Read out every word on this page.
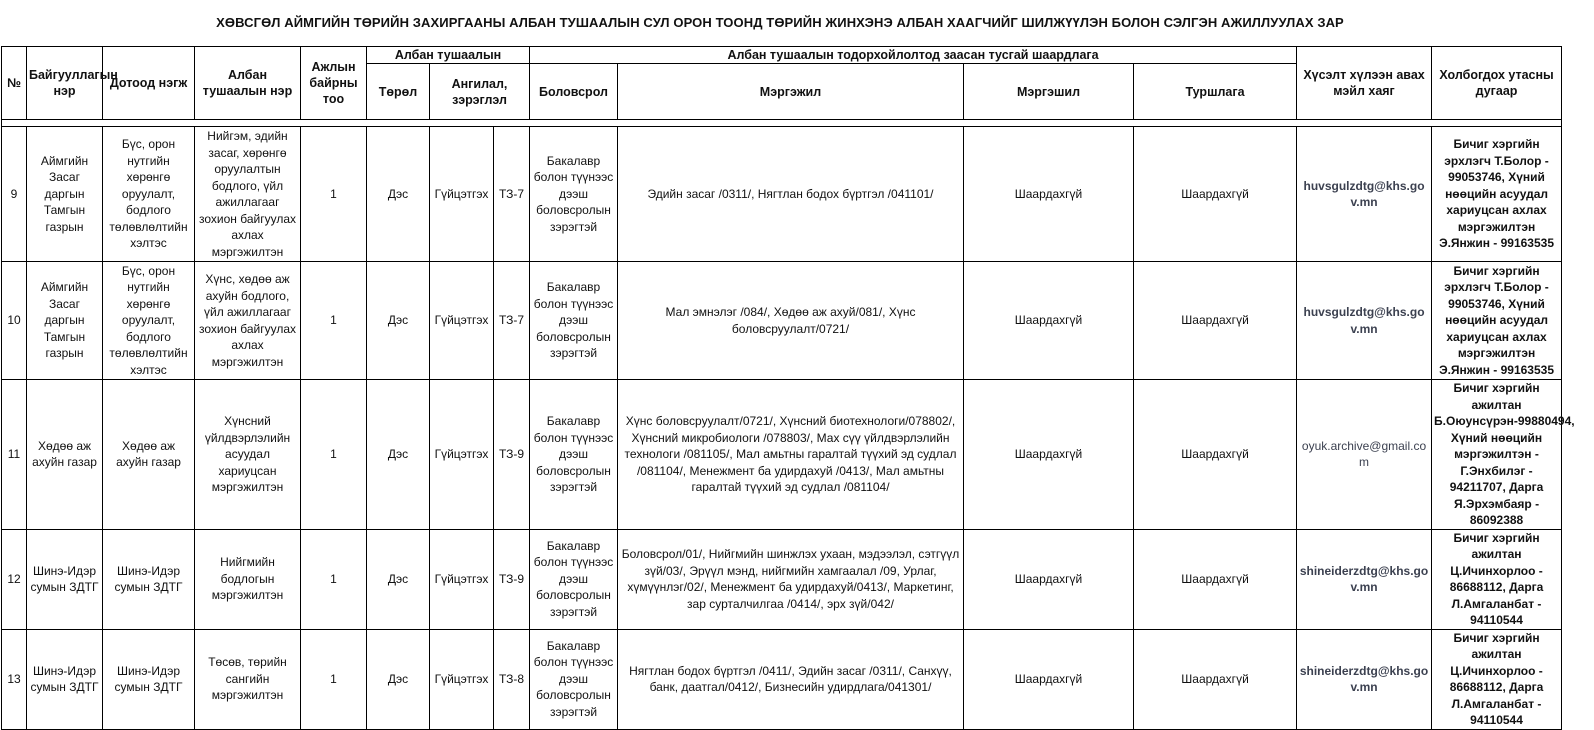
ХӨВСГӨЛ АЙМГИЙН ТӨРИЙН ЗАХИРГААНЫ АЛБАН ТУШААЛЫН СУЛ ОРОН ТООНД ТӨРИЙН ЖИНХЭНЭ АЛБАН ХААГЧИЙГ ШИЛЖҮҮЛЭН БОЛОН СЭЛГЭН АЖИЛЛУУЛАХ ЗАР
№	Байгууллагын нэр	Дотоод нэгж	Албан тушаалын нэр	Ажлын байрны тоо	Албан тушаалын			Албан тушаалын тодорхойлолтод заасан тусгай шаардлага				Хүсэлт хүлээн авах мэйл хаяг	Холбогдох утасны дугаар
					Төрөл	Ангилал, зэрэглэл		Боловсрол	Мэргэжил	Мэргэшил	Туршлага		

9	Аймгийн Засаг даргын Тамгын газрын	Бүс, орон нутгийн хөрөнгө оруулалт, бодлого төлөвлөлтийн хэлтэс	Нийгэм, эдийн засаг, хөрөнгө оруулалтын бодлого, үйл ажиллагааг зохион байгуулах ахлах мэргэжилтэн	1	Дэс	Гүйцэтгэх	ТЗ-7	Бакалавр болон түүнээс дээш боловсролын зэрэгтэй	Эдийн засаг /0311/, Нягтлан бодох бүртгэл /041101/	Шаардахгүй	Шаардахгүй	huvsgulzdtg@khs.gov.mn	Бичиг хэргийн эрхлэгч Т.Болор - 99053746, Хүний нөөцийн асуудал хариуцсан ахлах мэргэжилтэн Э.Янжин - 99163535
10	Аймгийн Засаг даргын Тамгын газрын	Бүс, орон нутгийн хөрөнгө оруулалт, бодлого төлөвлөлтийн хэлтэс	Хүнс, хөдөө аж ахуйн бодлого, үйл ажиллагааг зохион байгуулах ахлах мэргэжилтэн	1	Дэс	Гүйцэтгэх	ТЗ-7	Бакалавр болон түүнээс дээш боловсролын зэрэгтэй	Мал эмнэлэг /084/, Хөдөө аж ахуй/081/, Хүнс боловсруулалт/0721/	Шаардахгүй	Шаардахгүй	huvsgulzdtg@khs.gov.mn	Бичиг хэргийн эрхлэгч Т.Болор - 99053746, Хүний нөөцийн асуудал хариуцсан ахлах мэргэжилтэн Э.Янжин - 99163535
11	Хөдөө аж ахуйн газар	Хөдөө аж ахуйн газар	Хүнсний үйлдвэрлэлийн асуудал хариуцсан мэргэжилтэн	1	Дэс	Гүйцэтгэх	ТЗ-9	Бакалавр болон түүнээс дээш боловсролын зэрэгтэй	Хүнс боловсруулалт/0721/, Хүнсний биотехнологи/078802/, Хүнсний микробиологи /078803/, Мах сүү үйлдвэрлэлийн технологи /081105/, Мал амьтны гаралтай түүхий эд судлал /081104/, Менежмент ба удирдахуй /0413/, Мал амьтны гаралтай түүхий эд судлал /081104/	Шаардахгүй	Шаардахгүй	oyuk.archive@gmail.com	Бичиг хэргийн ажилтан Б.Оюунсүрэн-99880494, Хүний нөөцийн мэргэжилтэн - Г.Энхбилэг - 94211707, Дарга Я.Эрхэмбаяр - 86092388
12	Шинэ-Идэр сумын ЗДТГ	Шинэ-Идэр сумын ЗДТГ	Нийгмийн бодлогын мэргэжилтэн	1	Дэс	Гүйцэтгэх	ТЗ-9	Бакалавр болон түүнээс дээш боловсролын зэрэгтэй	Боловсрол/01/, Нийгмийн шинжлэх ухаан, мэдээлэл, сэтгүүл зүй/03/, Эрүүл мэнд, нийгмийн хамгаалал /09, Урлаг, хүмүүнлэг/02/, Менежмент ба удирдахуй/0413/, Маркетинг, зар сурталчилгаа /0414/, эрх зүй/042/	Шаардахгүй	Шаардахгүй	shineiderzdtg@khs.gov.mn	Бичиг хэргийн ажилтан Ц.Ичинхорлоо - 86688112, Дарга Л.Амгаланбат - 94110544
13	Шинэ-Идэр сумын ЗДТГ	Шинэ-Идэр сумын ЗДТГ	Төсөв, төрийн сангийн мэргэжилтэн	1	Дэс	Гүйцэтгэх	ТЗ-8	Бакалавр болон түүнээс дээш боловсролын зэрэгтэй	Нягтлан бодох бүртгэл /0411/, Эдийн засаг /0311/, Санхүү, банк, даатгал/0412/, Бизнесийн удирдлага/041301/	Шаардахгүй	Шаардахгүй	shineiderzdtg@khs.gov.mn	Бичиг хэргийн ажилтан Ц.Ичинхорлоо - 86688112, Дарга Л.Амгаланбат - 94110544
